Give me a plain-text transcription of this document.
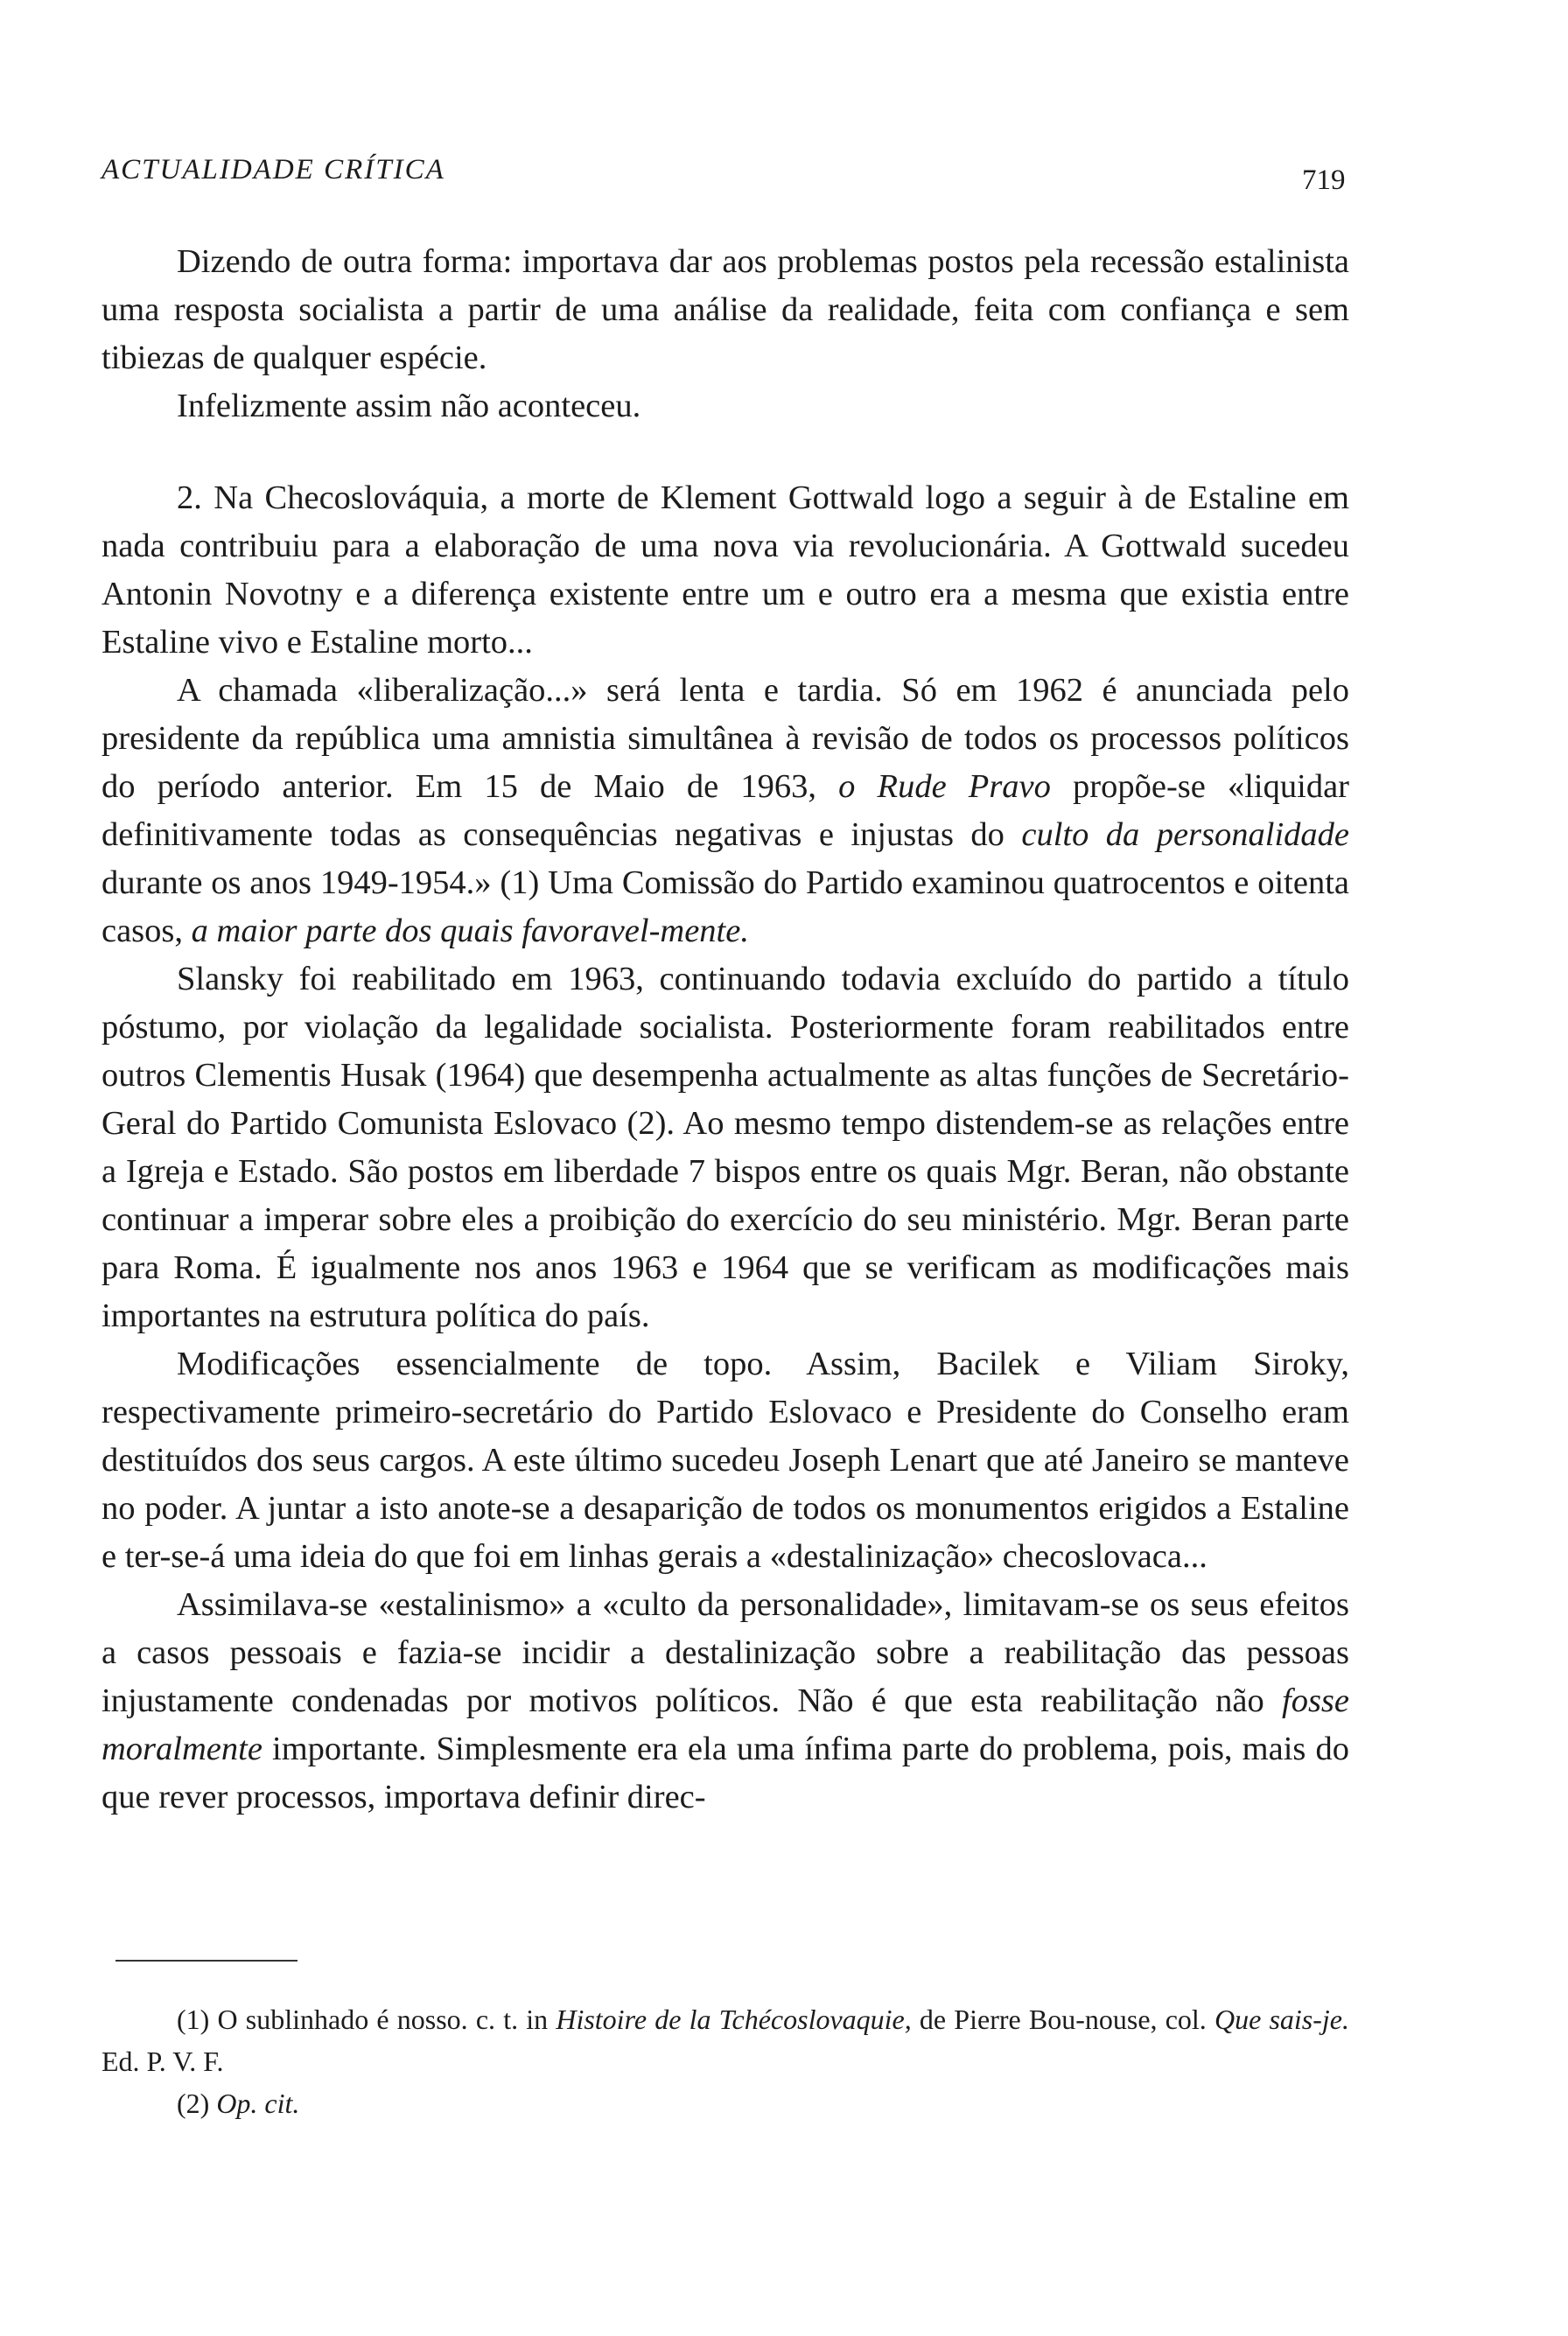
ACTUALIDADE CRÍTICA	719

Dizendo de outra forma: importava dar aos problemas postos pela recessão estalinista uma resposta socialista a partir de uma análise da realidade, feita com confiança e sem tibiezas de qualquer espécie.

Infelizmente assim não aconteceu.

2. Na Checoslováquia, a morte de Klement Gottwald logo a seguir à de Estaline em nada contribuiu para a elaboração de uma nova via revolucionária. A Gottwald sucedeu Antonin Novotny e a diferença existente entre um e outro era a mesma que existia entre Estaline vivo e Estaline morto...

A chamada «liberalização...» será lenta e tardia. Só em 1962 é anunciada pelo presidente da república uma amnistia simultânea à revisão de todos os processos políticos do período anterior. Em 15 de Maio de 1963, o Rude Pravo propõe-se «liquidar definitivamente todas as consequências negativas e injustas do culto da personalidade durante os anos 1949-1954.» (1) Uma Comissão do Partido examinou quatrocentos e oitenta casos, a maior parte dos quais favoravel-mente.

Slansky foi reabilitado em 1963, continuando todavia excluído do partido a título póstumo, por violação da legalidade socialista. Posteriormente foram reabilitados entre outros Clementis Husak (1964) que desempenha actualmente as altas funções de Secretário-Geral do Partido Comunista Eslovaco (2). Ao mesmo tempo distendem-se as relações entre a Igreja e Estado. São postos em liberdade 7 bispos entre os quais Mgr. Beran, não obstante continuar a imperar sobre eles a proibição do exercício do seu ministério. Mgr. Beran parte para Roma. É igualmente nos anos 1963 e 1964 que se verificam as modificações mais importantes na estrutura política do país.

Modificações essencialmente de topo. Assim, Bacilek e Viliam Siroky, respectivamente primeiro-secretário do Partido Eslovaco e Presidente do Conselho eram destituídos dos seus cargos. A este último sucedeu Joseph Lenart que até Janeiro se manteve no poder. A juntar a isto anote-se a desaparição de todos os monumentos erigidos a Estaline e ter-se-á uma ideia do que foi em linhas gerais a «destalinização» checoslovaca...

Assimilava-se «estalinismo» a «culto da personalidade», limitavam-se os seus efeitos a casos pessoais e fazia-se incidir a destalinização sobre a reabilitação das pessoas injustamente condenadas por motivos políticos. Não é que esta reabilitação não fosse moralmente importante. Simplesmente era ela uma ínfima parte do problema, pois, mais do que rever processos, importava definir direc-

(1) O sublinhado é nosso. c. t. in Histoire de la Tchécoslovaquie, de Pierre Bou-nouse, col. Que sais-je. Ed. P. V. F.

(2) Op. cit.
